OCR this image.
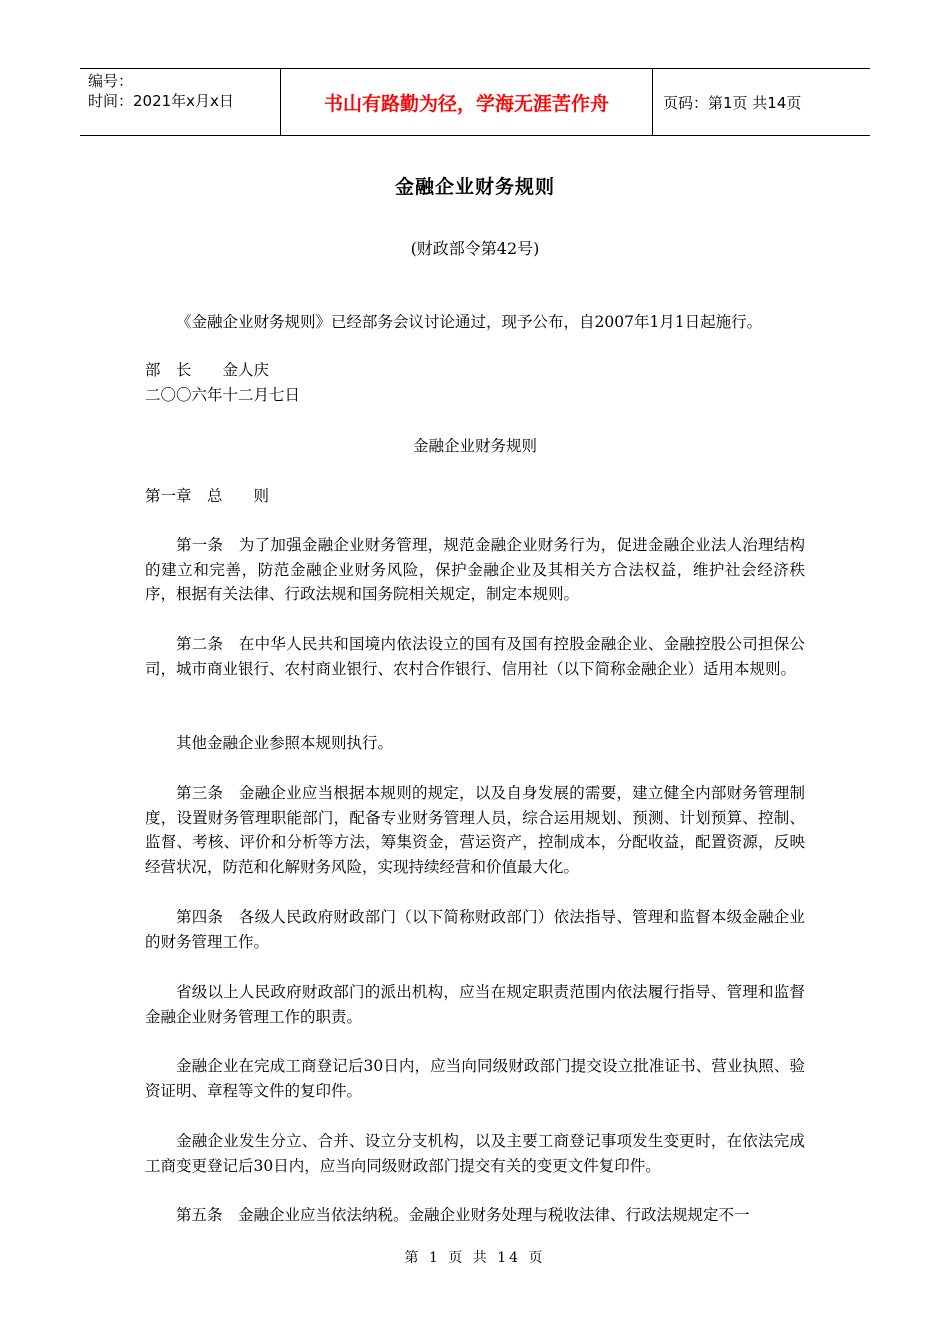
编号：
时间：2021年x月x日	书山有路勤为径，学海无涯苦作舟	页码：第1页 共14页
金融企业财务规则
(财政部令第42号)
《金融企业财务规则》已经部务会议讨论通过，现予公布，自2007年1月1日起施行。
部　长　　金人庆
二〇〇六年十二月七日
金融企业财务规则
第一章　总　　则
第一条　为了加强金融企业财务管理，规范金融企业财务行为，促进金融企业法人治理结构的建立和完善，防范金融企业财务风险，保护金融企业及其相关方合法权益，维护社会经济秩序，根据有关法律、行政法规和国务院相关规定，制定本规则。
第二条　在中华人民共和国境内依法设立的国有及国有控股金融企业、金融控股公司担保公司，城市商业银行、农村商业银行、农村合作银行、信用社（以下简称金融企业）适用本规则。
其他金融企业参照本规则执行。
第三条　金融企业应当根据本规则的规定，以及自身发展的需要，建立健全内部财务管理制度，设置财务管理职能部门，配备专业财务管理人员，综合运用规划、预测、计划预算、控制、监督、考核、评价和分析等方法，筹集资金，营运资产，控制成本，分配收益，配置资源，反映经营状况，防范和化解财务风险，实现持续经营和价值最大化。
第四条　各级人民政府财政部门（以下简称财政部门）依法指导、管理和监督本级金融企业的财务管理工作。
省级以上人民政府财政部门的派出机构，应当在规定职责范围内依法履行指导、管理和监督金融企业财务管理工作的职责。
金融企业在完成工商登记后30日内，应当向同级财政部门提交设立批准证书、营业执照、验资证明、章程等文件的复印件。
金融企业发生分立、合并、设立分支机构，以及主要工商登记事项发生变更时，在依法完成工商变更登记后30日内，应当向同级财政部门提交有关的变更文件复印件。
第五条　金融企业应当依法纳税。金融企业财务处理与税收法律、行政法规规定不一
第 1 页 共 14 页
